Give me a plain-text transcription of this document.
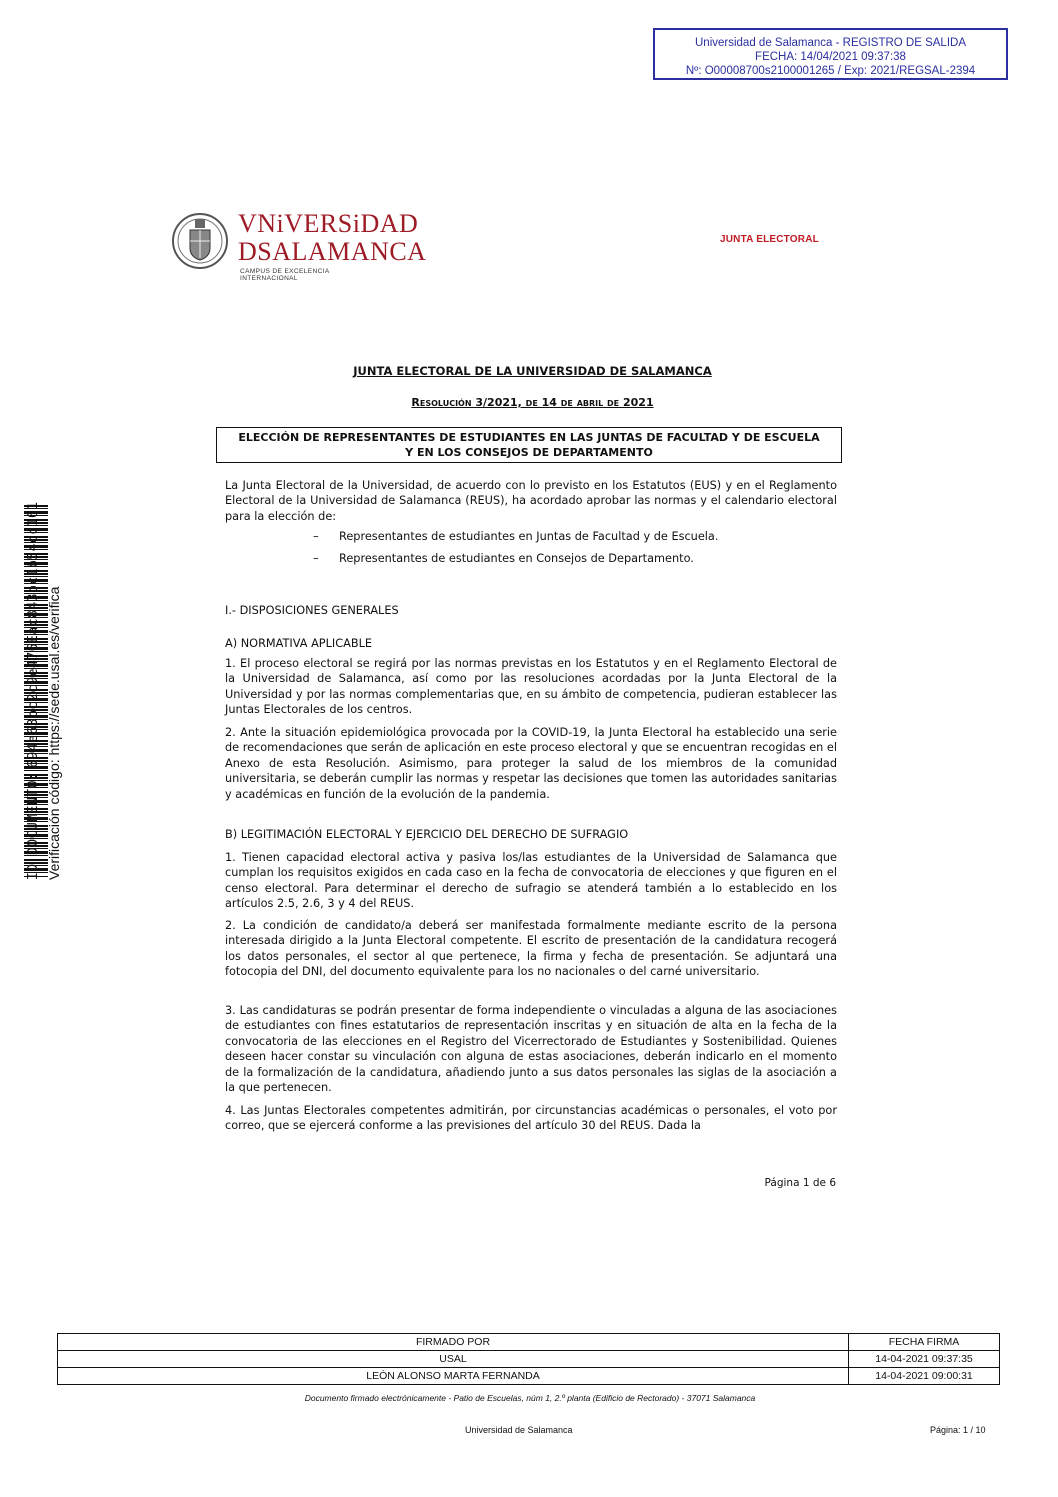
Universidad de Salamanca - REGISTRO DE SALIDA
FECHA: 14/04/2021 09:37:38
Nº: O00008700s2100001265 / Exp: 2021/REGSAL-2394
ID DOCUMENTO: 694e63bc2c9e476Eac843bc1b54dc161 Verificación código: https://sede.usal.es/verifica
VNiVERSiDAD
DSALAMANCA
CAMPUS DE EXCELENCIA INTERNACIONAL
JUNTA ELECTORAL
JUNTA ELECTORAL DE LA UNIVERSIDAD DE SALAMANCA
Resolución 3/2021, de 14 de abril de 2021
ELECCIÓN DE REPRESENTANTES DE ESTUDIANTES EN LAS JUNTAS DE FACULTAD Y DE ESCUELA
Y EN LOS CONSEJOS DE DEPARTAMENTO
La Junta Electoral de la Universidad, de acuerdo con lo previsto en los Estatutos (EUS) y en el Reglamento Electoral de la Universidad de Salamanca (REUS), ha acordado aprobar las normas y el calendario electoral para la elección de:
– Representantes de estudiantes en Juntas de Facultad y de Escuela.
– Representantes de estudiantes en Consejos de Departamento.
I.- DISPOSICIONES GENERALES
A) NORMATIVA APLICABLE
1. El proceso electoral se regirá por las normas previstas en los Estatutos y en el Reglamento Electoral de la Universidad de Salamanca, así como por las resoluciones acordadas por la Junta Electoral de la Universidad y por las normas complementarias que, en su ámbito de competencia, pudieran establecer las Juntas Electorales de los centros.
2. Ante la situación epidemiológica provocada por la COVID-19, la Junta Electoral ha establecido una serie de recomendaciones que serán de aplicación en este proceso electoral y que se encuentran recogidas en el Anexo de esta Resolución. Asimismo, para proteger la salud de los miembros de la comunidad universitaria, se deberán cumplir las normas y respetar las decisiones que tomen las autoridades sanitarias y académicas en función de la evolución de la pandemia.
B) LEGITIMACIÓN ELECTORAL Y EJERCICIO DEL DERECHO DE SUFRAGIO
1. Tienen capacidad electoral activa y pasiva los/las estudiantes de la Universidad de Salamanca que cumplan los requisitos exigidos en cada caso en la fecha de convocatoria de elecciones y que figuren en el censo electoral. Para determinar el derecho de sufragio se atenderá también a lo establecido en los artículos 2.5, 2.6, 3 y 4 del REUS.
2. La condición de candidato/a deberá ser manifestada formalmente mediante escrito de la persona interesada dirigido a la Junta Electoral competente. El escrito de presentación de la candidatura recogerá los datos personales, el sector al que pertenece, la firma y fecha de presentación. Se adjuntará una fotocopia del DNI, del documento equivalente para los no nacionales o del carné universitario.
3. Las candidaturas se podrán presentar de forma independiente o vinculadas a alguna de las asociaciones de estudiantes con fines estatutarios de representación inscritas y en situación de alta en la fecha de la convocatoria de las elecciones en el Registro del Vicerrectorado de Estudiantes y Sostenibilidad. Quienes deseen hacer constar su vinculación con alguna de estas asociaciones, deberán indicarlo en el momento de la formalización de la candidatura, añadiendo junto a sus datos personales las siglas de la asociación a la que pertenecen.
4. Las Juntas Electorales competentes admitirán, por circunstancias académicas o personales, el voto por correo, que se ejercerá conforme a las previsiones del artículo 30 del REUS. Dada la
Página 1 de 6
FIRMADO POR	FECHA FIRMA
USAL	14-04-2021 09:37:35
LEÓN ALONSO MARTA FERNANDA	14-04-2021 09:00:31
Documento firmado electrónicamente - Patio de Escuelas, núm 1, 2.º planta (Edificio de Rectorado) - 37071 Salamanca
Universidad de Salamanca	Página: 1 / 10
